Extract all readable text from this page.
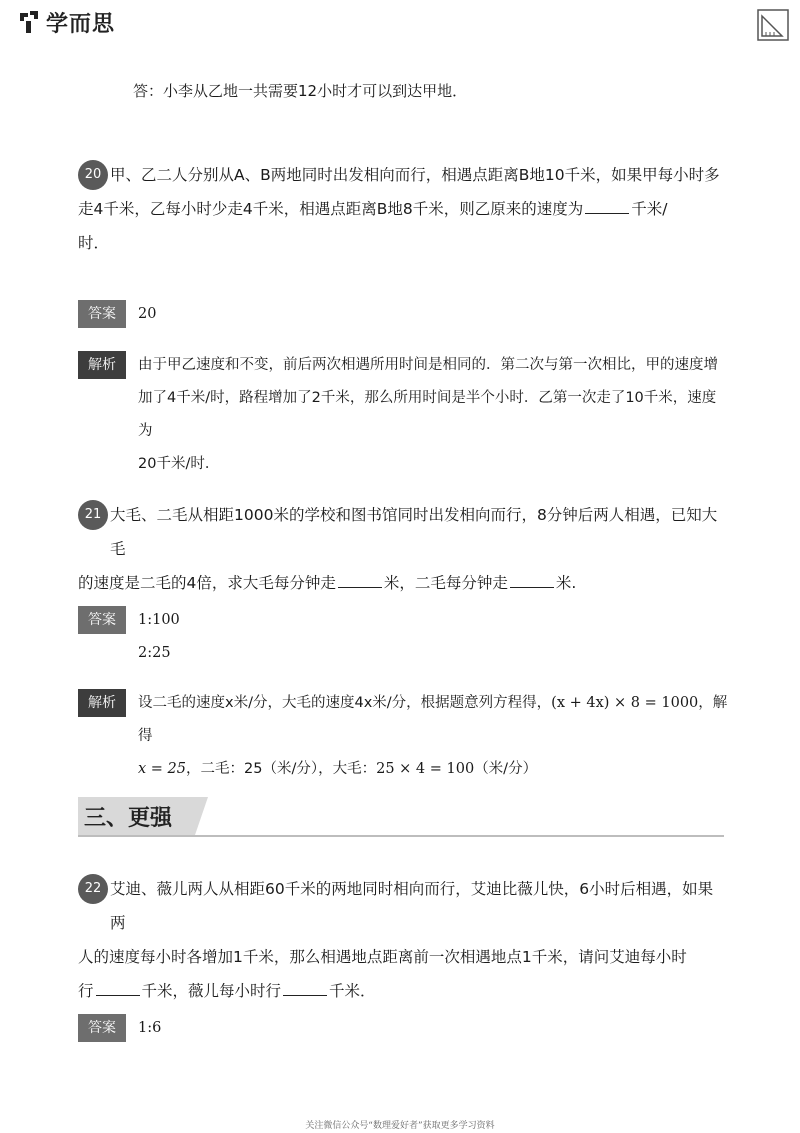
学而思
答：小李从乙地一共需要12小时才可以到达甲地．
20 甲、乙二人分别从A、B两地同时出发相向而行，相遇点距离B地10千米，如果甲每小时多
走4千米，乙每小时少走4千米，相遇点距离B地8千米，则乙原来的速度为	千米/
时．
答案	20
解析	由于甲乙速度和不变，前后两次相遇所用时间是相同的．第二次与第一次相比，甲的速度增
加了4千米/时，路程增加了2千米，那么所用时间是半个小时．乙第一次走了10千米，速度为
20千米/时．
21 大毛、二毛从相距1000米的学校和图书馆同时出发相向而行，8分钟后两人相遇，已知大毛
的速度是二毛的4倍，求大毛每分钟走	米，二毛每分钟走	米.
答案	1:100
2:25
解析	设二毛的速度x米/分，大毛的速度4x米/分，根据题意列方程得，(x + 4x) × 8 = 1000，解得
x = 25，二毛：25（米/分），大毛：25 × 4 = 100（米/分）
三、更强
22 艾迪、薇儿两人从相距60千米的两地同时相向而行，艾迪比薇儿快，6小时后相遇，如果两
人的速度每小时各增加1千米，那么相遇地点距离前一次相遇地点1千米，请问艾迪每小时
行	千米，薇儿每小时行	千米．
答案	1:6
关注微信公众号“数理爱好者”获取更多学习资料
